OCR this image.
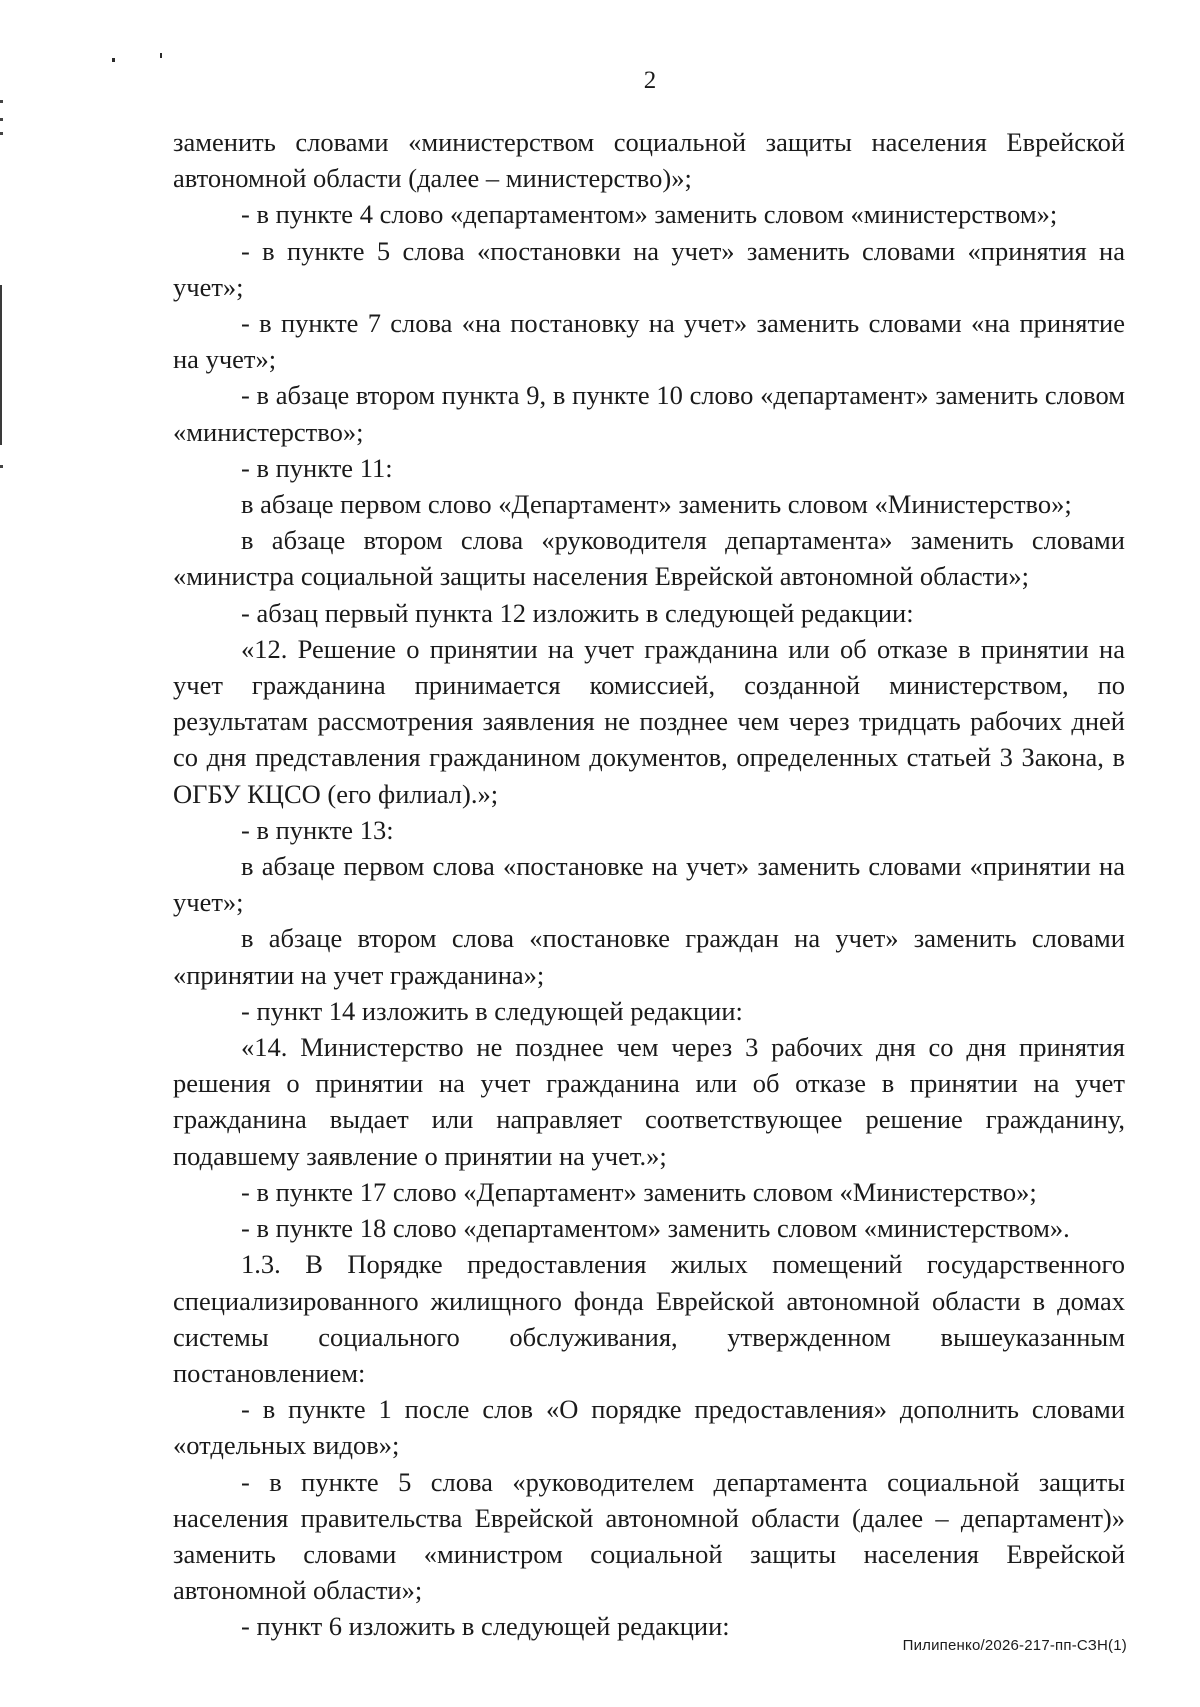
2

заменить словами «министерством социальной защиты населения Еврейской автономной области (далее – министерство)»;

- в пункте 4 слово «департаментом» заменить словом «министерством»;

- в пункте 5 слова «постановки на учет» заменить словами «принятия на учет»;

- в пункте 7 слова «на постановку на учет» заменить словами «на принятие на учет»;

- в абзаце втором пункта 9, в пункте 10 слово «департамент» заменить словом «министерство»;

- в пункте 11:

в абзаце первом слово «Департамент» заменить словом «Министерство»;

в абзаце втором слова «руководителя департамента» заменить словами «министра социальной защиты населения Еврейской автономной области»;

- абзац первый пункта 12 изложить в следующей редакции:

«12. Решение о принятии на учет гражданина или об отказе в принятии на учет гражданина принимается комиссией, созданной министерством, по результатам рассмотрения заявления не позднее чем через тридцать рабочих дней со дня представления гражданином документов, определенных статьей 3 Закона, в ОГБУ КЦСО (его филиал).»;

- в пункте 13:

в абзаце первом слова «постановке на учет» заменить словами «принятии на учет»;

в абзаце втором слова «постановке граждан на учет» заменить словами «принятии на учет гражданина»;

- пункт 14 изложить в следующей редакции:

«14. Министерство не позднее чем через 3 рабочих дня со дня принятия решения о принятии на учет гражданина или об отказе в принятии на учет гражданина выдает или направляет соответствующее решение гражданину, подавшему заявление о принятии на учет.»;

- в пункте 17 слово «Департамент» заменить словом «Министерство»;

- в пункте 18 слово «департаментом» заменить словом «министерством».

1.3. В Порядке предоставления жилых помещений государственного специализированного жилищного фонда Еврейской автономной области в домах системы социального обслуживания, утвержденном вышеуказанным постановлением:

- в пункте 1 после слов «О порядке предоставления» дополнить словами «отдельных видов»;

- в пункте 5 слова «руководителем департамента социальной защиты населения правительства Еврейской автономной области (далее – департамент)» заменить словами «министром социальной защиты населения Еврейской автономной области»;

- пункт 6 изложить в следующей редакции:

Пилипенко/2026-217-пп-СЗН(1)
